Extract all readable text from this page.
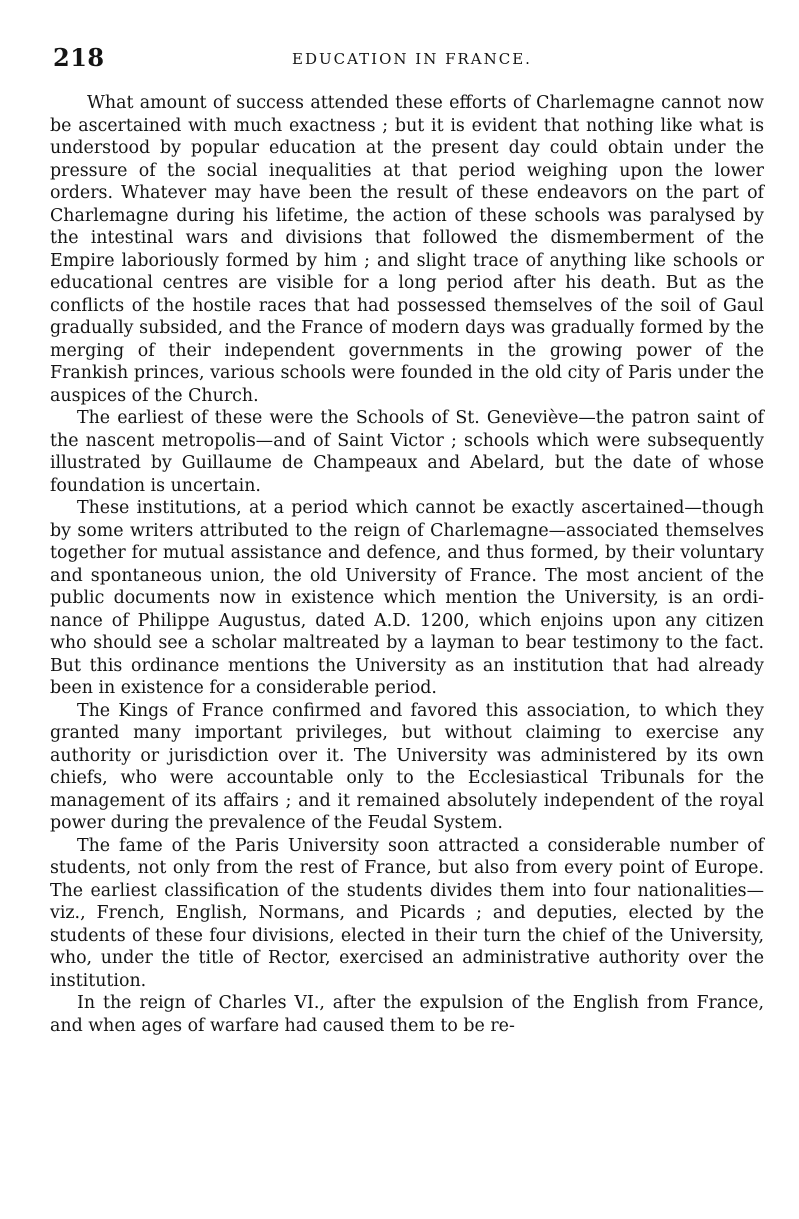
218	EDUCATION IN FRANCE.

What amount of success attended these efforts of Charlemagne cannot now be ascertained with much exactness ; but it is evident that nothing like what is understood by popular education at the present day could obtain under the pressure of the social inequalities at that period weighing upon the lower orders. Whatever may have been the result of these endeavors on the part of Charlemagne during his lifetime, the action of these schools was paralysed by the intestinal wars and divisions that followed the dismemberment of the Empire laboriously formed by him ; and slight trace of anything like schools or educational centres are visible for a long period after his death. But as the conflicts of the hostile races that had possessed themselves of the soil of Gaul gradually subsided, and the France of modern days was gradually formed by the merging of their independent governments in the growing power of the Frankish princes, various schools were founded in the old city of Paris under the auspices of the Church.

The earliest of these were the Schools of St. Geneviève—the patron saint of the nascent metropolis—and of Saint Victor ; schools which were subsequently illustrated by Guillaume de Champeaux and Abelard, but the date of whose foundation is uncertain.

These institutions, at a period which cannot be exactly ascertained—though by some writers attributed to the reign of Charlemagne—associated themselves together for mutual assistance and defence, and thus formed, by their voluntary and spontaneous union, the old University of France. The most ancient of the public documents now in existence which mention the University, is an ordinance of Philippe Augustus, dated A.D. 1200, which enjoins upon any citizen who should see a scholar maltreated by a layman to bear testimony to the fact. But this ordinance mentions the University as an institution that had already been in existence for a considerable period.

The Kings of France confirmed and favored this association, to which they granted many important privileges, but without claiming to exercise any authority or jurisdiction over it. The University was administered by its own chiefs, who were accountable only to the Ecclesiastical Tribunals for the management of its affairs ; and it remained absolutely independent of the royal power during the prevalence of the Feudal System.

The fame of the Paris University soon attracted a considerable number of students, not only from the rest of France, but also from every point of Europe. The earliest classification of the students divides them into four nationalities—viz., French, English, Normans, and Picards ; and deputies, elected by the students of these four divisions, elected in their turn the chief of the University, who, under the title of Rector, exercised an administrative authority over the institution.

In the reign of Charles VI., after the expulsion of the English from France, and when ages of warfare had caused them to be re-
